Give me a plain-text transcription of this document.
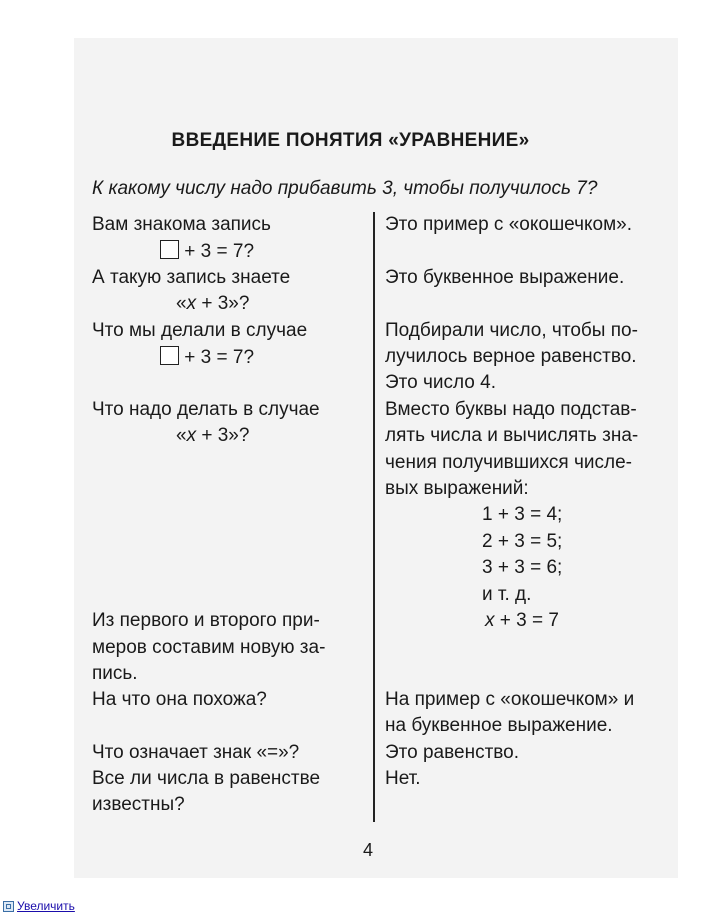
ВВЕДЕНИЕ ПОНЯТИЯ «УРАВНЕНИЕ»
К какому числу надо прибавить 3, чтобы получилось 7?
Вам знакома запись
+ 3 = 7?
А такую запись знаете
«x + 3»?
Что мы делали в случае
+ 3 = 7?
Что надо делать в случае
«x + 3»?
Из первого и второго при-
меров составим новую за-
пись.
На что она похожа?
Что означает знак «=»?
Все ли числа в равенстве
известны?
Это пример с «окошечком».
Это буквенное выражение.
Подбирали число, чтобы по-
лучилось верное равенство.
Это число 4.
Вместо буквы надо подстав-
лять числа и вычислять зна-
чения получившихся числе-
вых выражений:
1 + 3 = 4;
2 + 3 = 5;
3 + 3 = 6;
и т. д.
x + 3 = 7
На пример с «окошечком» и
на буквенное выражение.
Это равенство.
Нет.
4
Увеличить
